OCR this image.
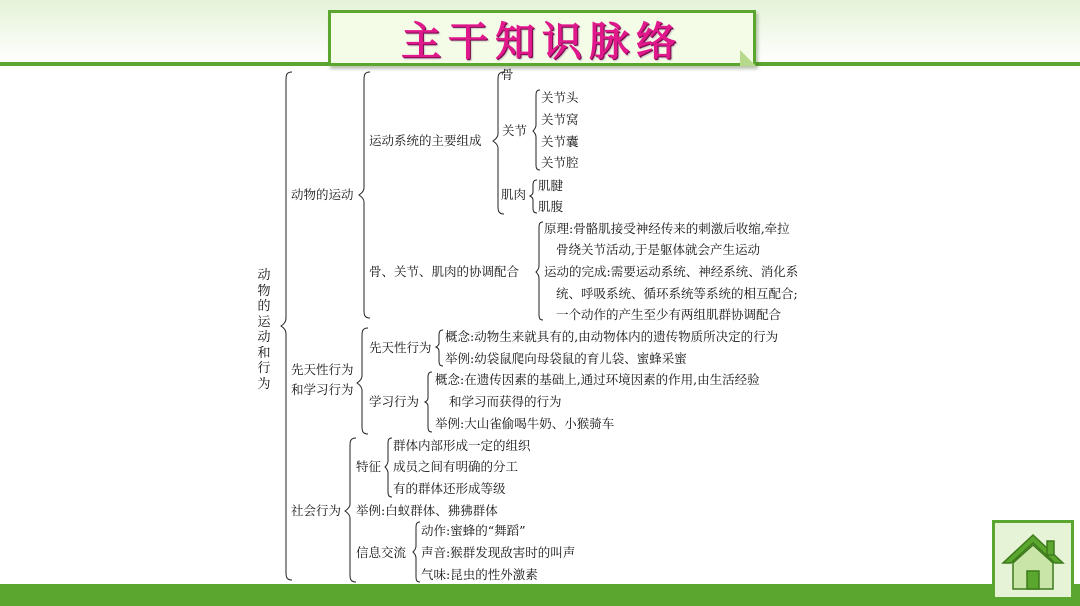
主干知识脉络
动物的运动和行为
动物的运动
运动系统的主要组成
骨
关节
关节头
关节窝
关节囊
关节腔
肌肉
肌腱
肌腹
骨、关节、肌肉的协调配合
原理:骨骼肌接受神经传来的刺激后收缩,牵拉
骨绕关节活动,于是躯体就会产生运动
运动的完成:需要运动系统、神经系统、消化系
统、呼吸系统、循环系统等系统的相互配合;
一个动作的产生至少有两组肌群协调配合
先天性行为
和学习行为
先天性行为
概念:动物生来就具有的,由动物体内的遗传物质所决定的行为
举例:幼袋鼠爬向母袋鼠的育儿袋、蜜蜂采蜜
学习行为
概念:在遗传因素的基础上,通过环境因素的作用,由生活经验
和学习而获得的行为
举例:大山雀偷喝牛奶、小猴骑车
社会行为
特征
群体内部形成一定的组织
成员之间有明确的分工
有的群体还形成等级
举例:白蚁群体、狒狒群体
信息交流
动作:蜜蜂的“舞蹈”
声音:猴群发现敌害时的叫声
气味:昆虫的性外激素
